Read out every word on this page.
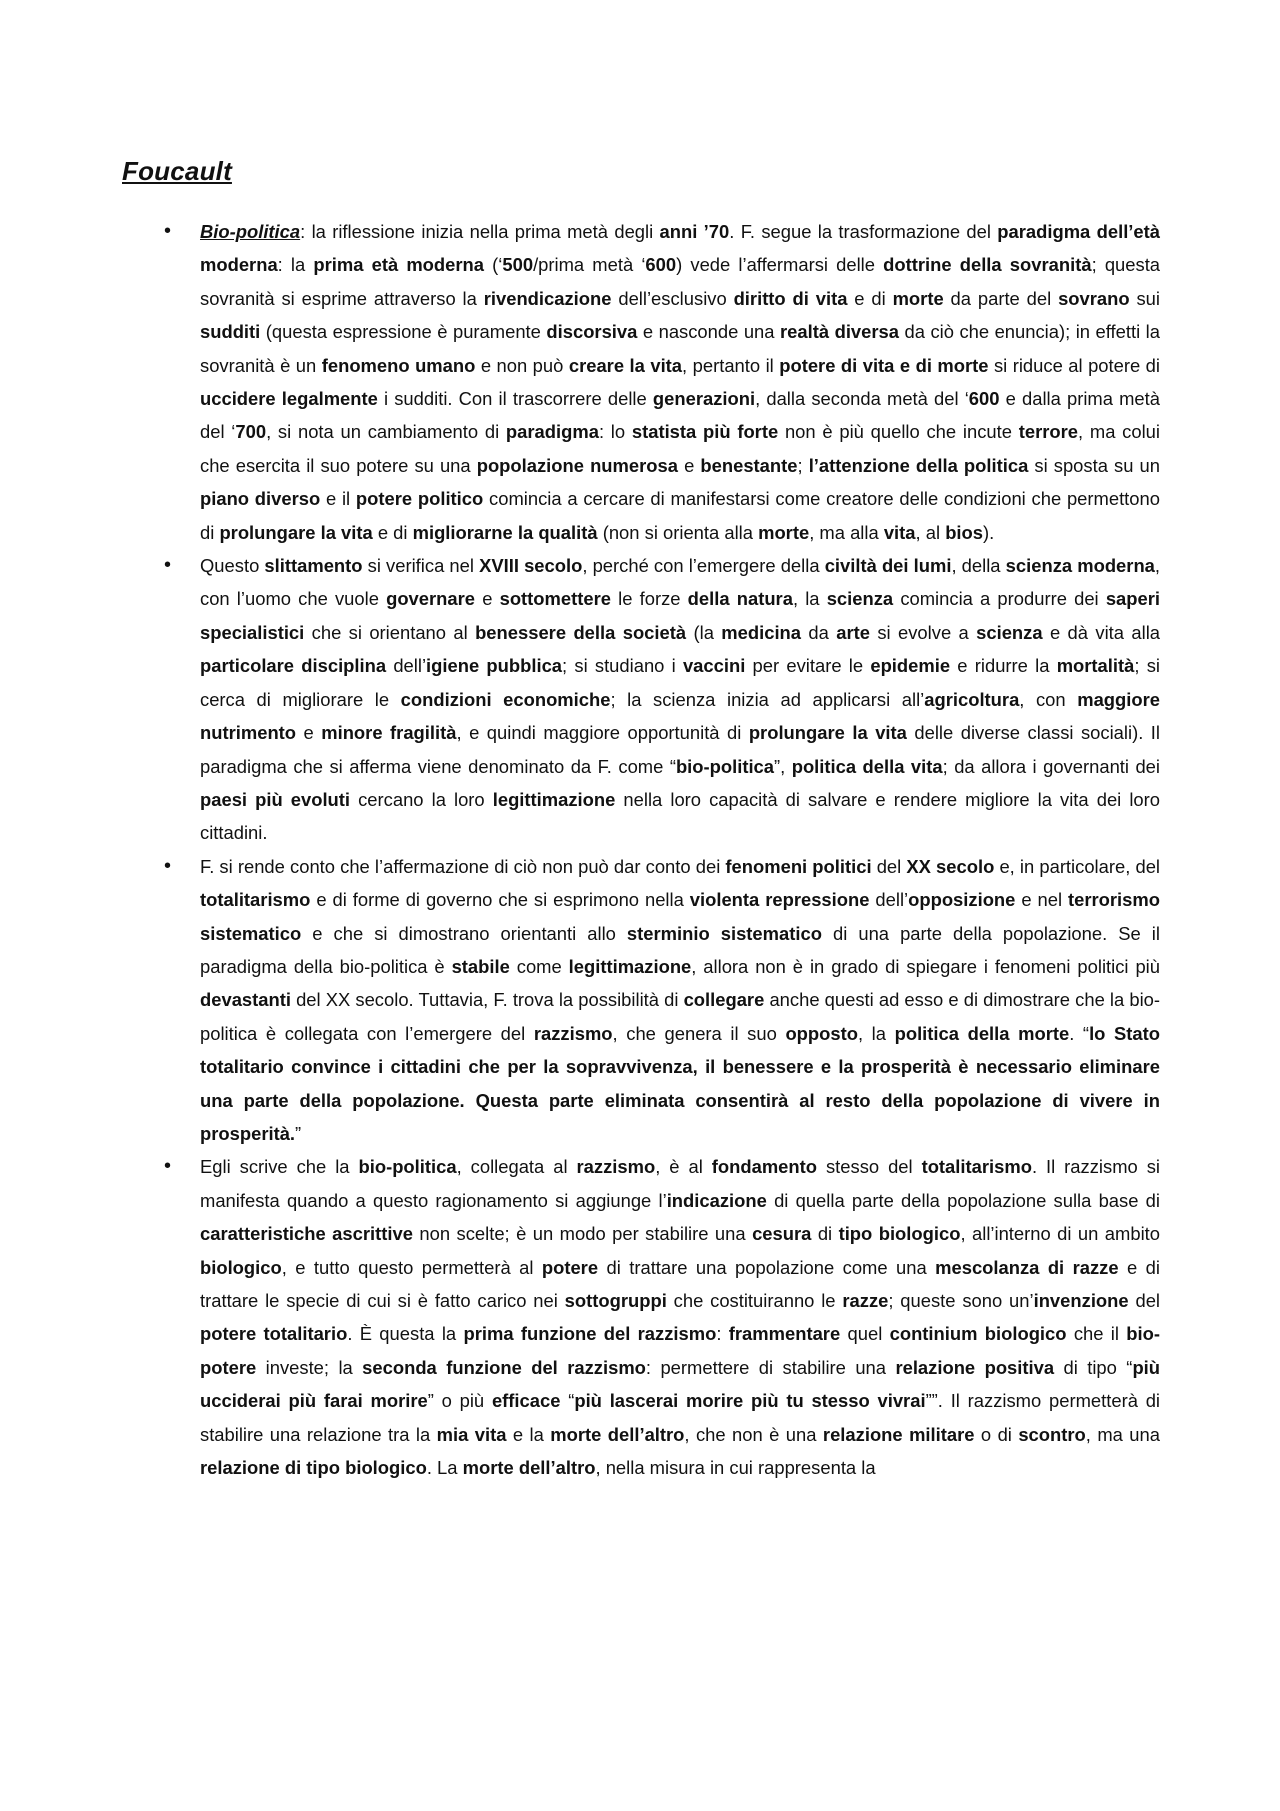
Foucault
• Bio-politica: la riflessione inizia nella prima metà degli anni ’70. F. segue la trasformazione del paradigma dell’età moderna: la prima età moderna (‘500/prima metà ‘600) vede l’affermarsi delle dottrine della sovranità; questa sovranità si esprime attraverso la rivendicazione dell’esclusivo diritto di vita e di morte da parte del sovrano sui sudditi (questa espressione è puramente discorsiva e nasconde una realtà diversa da ciò che enuncia); in effetti la sovranità è un fenomeno umano e non può creare la vita, pertanto il potere di vita e di morte si riduce al potere di uccidere legalmente i sudditi. Con il trascorrere delle generazioni, dalla seconda metà del ‘600 e dalla prima metà del ‘700, si nota un cambiamento di paradigma: lo statista più forte non è più quello che incute terrore, ma colui che esercita il suo potere su una popolazione numerosa e benestante; l’attenzione della politica si sposta su un piano diverso e il potere politico comincia a cercare di manifestarsi come creatore delle condizioni che permettono di prolungare la vita e di migliorarne la qualità (non si orienta alla morte, ma alla vita, al bios).
• Questo slittamento si verifica nel XVIII secolo, perché con l’emergere della civiltà dei lumi, della scienza moderna, con l’uomo che vuole governare e sottomettere le forze della natura, la scienza comincia a produrre dei saperi specialistici che si orientano al benessere della società (la medicina da arte si evolve a scienza e dà vita alla particolare disciplina dell’igiene pubblica; si studiano i vaccini per evitare le epidemie e ridurre la mortalità; si cerca di migliorare le condizioni economiche; la scienza inizia ad applicarsi all’agricoltura, con maggiore nutrimento e minore fragilità, e quindi maggiore opportunità di prolungare la vita delle diverse classi sociali). Il paradigma che si afferma viene denominato da F. come “bio-politica”, politica della vita; da allora i governanti dei paesi più evoluti cercano la loro legittimazione nella loro capacità di salvare e rendere migliore la vita dei loro cittadini.
• F. si rende conto che l’affermazione di ciò non può dar conto dei fenomeni politici del XX secolo e, in particolare, del totalitarismo e di forme di governo che si esprimono nella violenta repressione dell’opposizione e nel terrorismo sistematico e che si dimostrano orientanti allo sterminio sistematico di una parte della popolazione. Se il paradigma della bio-politica è stabile come legittimazione, allora non è in grado di spiegare i fenomeni politici più devastanti del XX secolo. Tuttavia, F. trova la possibilità di collegare anche questi ad esso e di dimostrare che la bio-politica è collegata con l’emergere del razzismo, che genera il suo opposto, la politica della morte. “lo Stato totalitario convince i cittadini che per la sopravvivenza, il benessere e la prosperità è necessario eliminare una parte della popolazione. Questa parte eliminata consentirà al resto della popolazione di vivere in prosperità.”
• Egli scrive che la bio-politica, collegata al razzismo, è al fondamento stesso del totalitarismo. Il razzismo si manifesta quando a questo ragionamento si aggiunge l’indicazione di quella parte della popolazione sulla base di caratteristiche ascrittive non scelte; è un modo per stabilire una cesura di tipo biologico, all’interno di un ambito biologico, e tutto questo permetterà al potere di trattare una popolazione come una mescolanza di razze e di trattare le specie di cui si è fatto carico nei sottogruppi che costituiranno le razze; queste sono un’invenzione del potere totalitario. È questa la prima funzione del razzismo: frammentare quel continium biologico che il bio-potere investe; la seconda funzione del razzismo: permettere di stabilire una relazione positiva di tipo “più ucciderai più farai morire” o più efficace “più lascerai morire più tu stesso vivrai””. Il razzismo permetterà di stabilire una relazione tra la mia vita e la morte dell’altro, che non è una relazione militare o di scontro, ma una relazione di tipo biologico. La morte dell’altro, nella misura in cui rappresenta la
